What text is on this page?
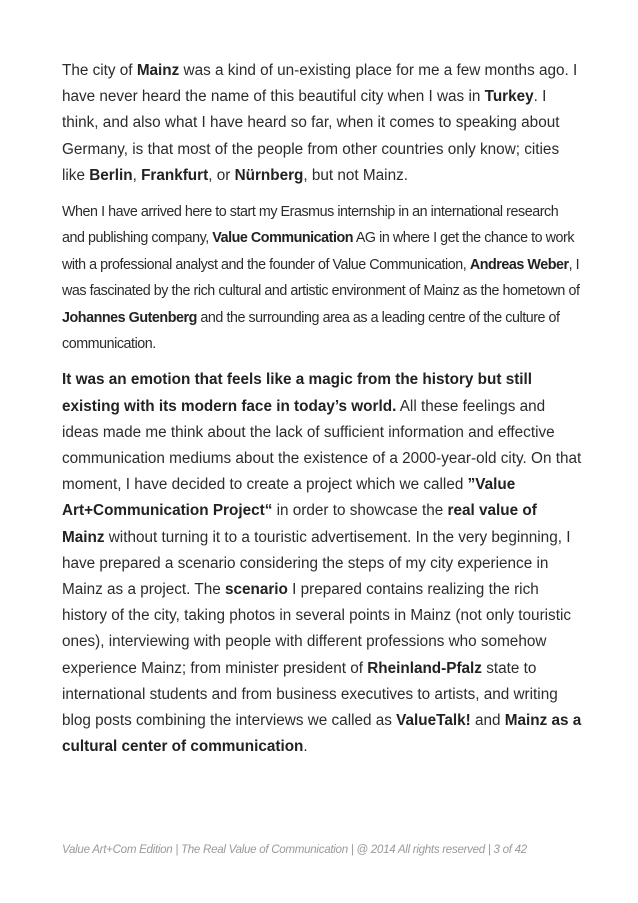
The city of Mainz was a kind of un-existing place for me a few months ago. I have never heard the name of this beautiful city when I was in Turkey. I think, and also what I have heard so far, when it comes to speaking about Germany, is that most of the people from other countries only know; cities like Berlin, Frankfurt, or Nürnberg, but not Mainz.

When I have arrived here to start my Erasmus internship in an international research and publishing company, Value Communication AG in where I get the chance to work with a professional analyst and the founder of Value Communication, Andreas Weber, I was fascinated by the rich cultural and artistic environment of Mainz as the hometown of Johannes Gutenberg and the surrounding area as a leading centre of the culture of communication.

It was an emotion that feels like a magic from the history but still existing with its modern face in today’s world. All these feelings and ideas made me think about the lack of sufficient information and effective communication mediums about the existence of a 2000-year-old city. On that moment, I have decided to create a project which we called ”Value Art+Communication Project“ in order to showcase the real value of Mainz without turning it to a touristic advertisement. In the very beginning, I have prepared a scenario considering the steps of my city experience in Mainz as a project. The scenario I prepared contains realizing the rich history of the city, taking photos in several points in Mainz (not only touristic ones), interviewing with people with different professions who somehow experience Mainz; from minister president of Rheinland-Pfalz state to international students and from business executives to artists, and writing blog posts combining the interviews we called as ValueTalk! and Mainz as a cultural center of communication.

Value Art+Com Edition | The Real Value of Communication | @ 2014 All rights reserved | 3 of 42
